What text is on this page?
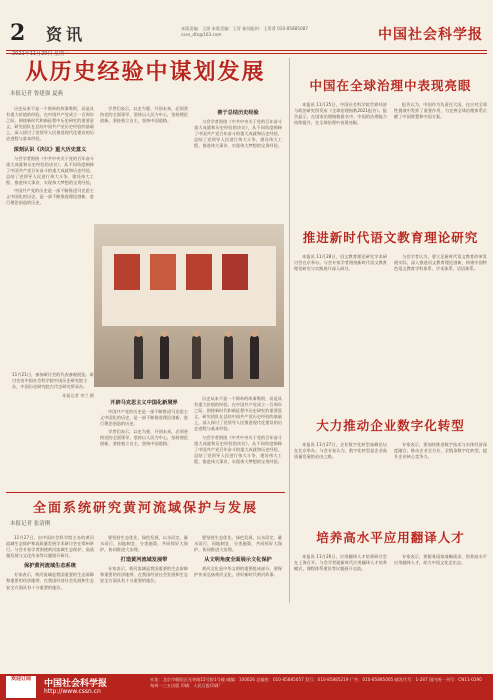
2 资讯
2021年11月29日 星期一
本版责编：王茵 本版美编：王青 新闻报料：王菁菁 010-85885087 cssn_dfx@163.com	中国社会科学报
从历史经验中谋划发展
本报记者 鲁建强 夏燕

历史从来不是一个简单的故事堆积，而是具有重大价值的经验。在中国共产党成立一百周年之际，围绕新时代和新征程中历史研究的重要意义，研究团队在总结中国共产党历史经验的基础上，深入探讨了党领导人民推进现代化建设的历史进程与基本经验。

深刻认识《决议》重大历史意义

与会学者围绕《中共中央关于党的百年奋斗重大成就和历史经验的决议》，从不同角度阐释了中国共产党百年奋斗的重大成就和历史经验，总结了党领导人民进行伟大斗争、建设伟大工程、推进伟大事业、实现伟大梦想的宝贵经验。

中国共产党的历史是一部不断推进马克思主义中国化的历史，是一部不断推进理论创新、进行理论创造的历史。

学者们表示，以史为鉴、开创未来，必须坚持党的全面领导，坚持以人民为中心，坚持理论创新，坚持独立自主，坚持中国道路。

善于总结历史经验

与会学者围绕《中共中央关于党的百年奋斗重大成就和历史经验的决议》，从不同角度阐释了中国共产党百年奋斗的重大成就和历史经验，总结了党领导人民进行伟大斗争、建设伟大工程、推进伟大事业、实现伟大梦想的宝贵经验。

11月21日，参加研讨会的代表参观展览。研讨会由中国社会科学院中国历史研究院主办，中国历史研究院古代史研究所承办。
本报记者 李兰 摄
开辟马克思主义中国化新境界

中国共产党的历史是一部不断推进马克思主义中国化的历史，是一部不断推进理论创新、进行理论创造的历史。

学者们表示，以史为鉴、开创未来，必须坚持党的全面领导，坚持以人民为中心，坚持理论创新，坚持独立自主，坚持中国道路。

历史从来不是一个简单的故事堆积，而是具有重大价值的经验。在中国共产党成立一百周年之际，围绕新时代和新征程中历史研究的重要意义，研究团队在总结中国共产党历史经验的基础上，深入探讨了党领导人民推进现代化建设的历史进程与基本经验。

与会学者围绕《中共中央关于党的百年奋斗重大成就和历史经验的决议》，从不同角度阐释了中国共产党百年奋斗的重大成就和历史经验，总结了党领导人民进行伟大斗争、建设伟大工程、推进伟大事业、实现伟大梦想的宝贵经验。

中国在全球治理中表现亮眼

本报讯 11月25日，中国社会科学院世界经济与政治研究所发布《全球治理指数2021报告》。报告显示，在国家治理指数排名中，中国的治理能力持续提升，在全球治理中表现亮眼。

报告认为，中国作为负责任大国，在应对全球性挑战中发挥了重要作用，为完善全球治理体系贡献了中国智慧和中国方案。

推进新时代语文教育理论研究

本报讯 11月28日，语文教育理论研究学术研讨会在京举办。与会专家学者围绕新时代语文教育理论研究与实践展开深入研讨。

与会学者认为，要立足新时代语文教育改革发展实际，深入推进语文教育理论创新，构建中国特色语文教育学科体系、学术体系、话语体系。

大力推动企业数字化转型

本报讯 11月27日，企业数字化转型高峰论坛在北京举办。与会专家认为，数字化转型是企业高质量发展的必由之路。

专家表示，要加快推进数字技术与实体经济深度融合，推动企业全方位、全链条数字化转型，提升企业核心竞争力。

培养高水平应用翻译人才

本报讯 11月26日，应用翻译人才培养研讨会在上海召开。与会学者就新时代应用翻译人才培养模式、课程体系建设等议题展开交流。

专家表示，要服务国家战略需求，培养高水平应用翻译人才，助力中国文化走出去。

全面系统研究黄河流域保护与发展
本报记者 张清俐

11月27日，由中国社会科学院主办的黄河流域生态保护和高质量发展学术研讨会在郑州举行。与会专家学者围绕黄河流域生态保护、高质量发展与文化传承等议题展开研讨。

保护黄河流域生态系统

专家表示，黄河流域是我国重要的生态屏障和重要的经济地带，在我国经济社会发展和生态安全方面具有十分重要的地位。

要坚持生态优先、绿色发展，以水而定、量水而行，因地制宜、分类施策，共同抓好大保护，协同推进大治理。

打造黄河流域发展带

专家表示，黄河流域是我国重要的生态屏障和重要的经济地带，在我国经济社会发展和生态安全方面具有十分重要的地位。

要坚持生态优先、绿色发展，以水而定、量水而行，因地制宜、分类施策，共同抓好大保护，协同推进大治理。

从文明角度全面展示文化保护

黄河文化是中华文明的重要组成部分，要保护传承弘扬黄河文化，讲好新时代黄河故事。

欢迎订阅	中国社会科学报
http://www.cssn.cn
社址：北京市朝阳区光华路15号院1号楼 邮编：100026 总编室：010-85885057 发行：010-85885219 广告：010-85885005 邮发代号：1-287 国内统一刊号：CN11-0290 每周一三五出版 印刷：人民日报印刷厂
